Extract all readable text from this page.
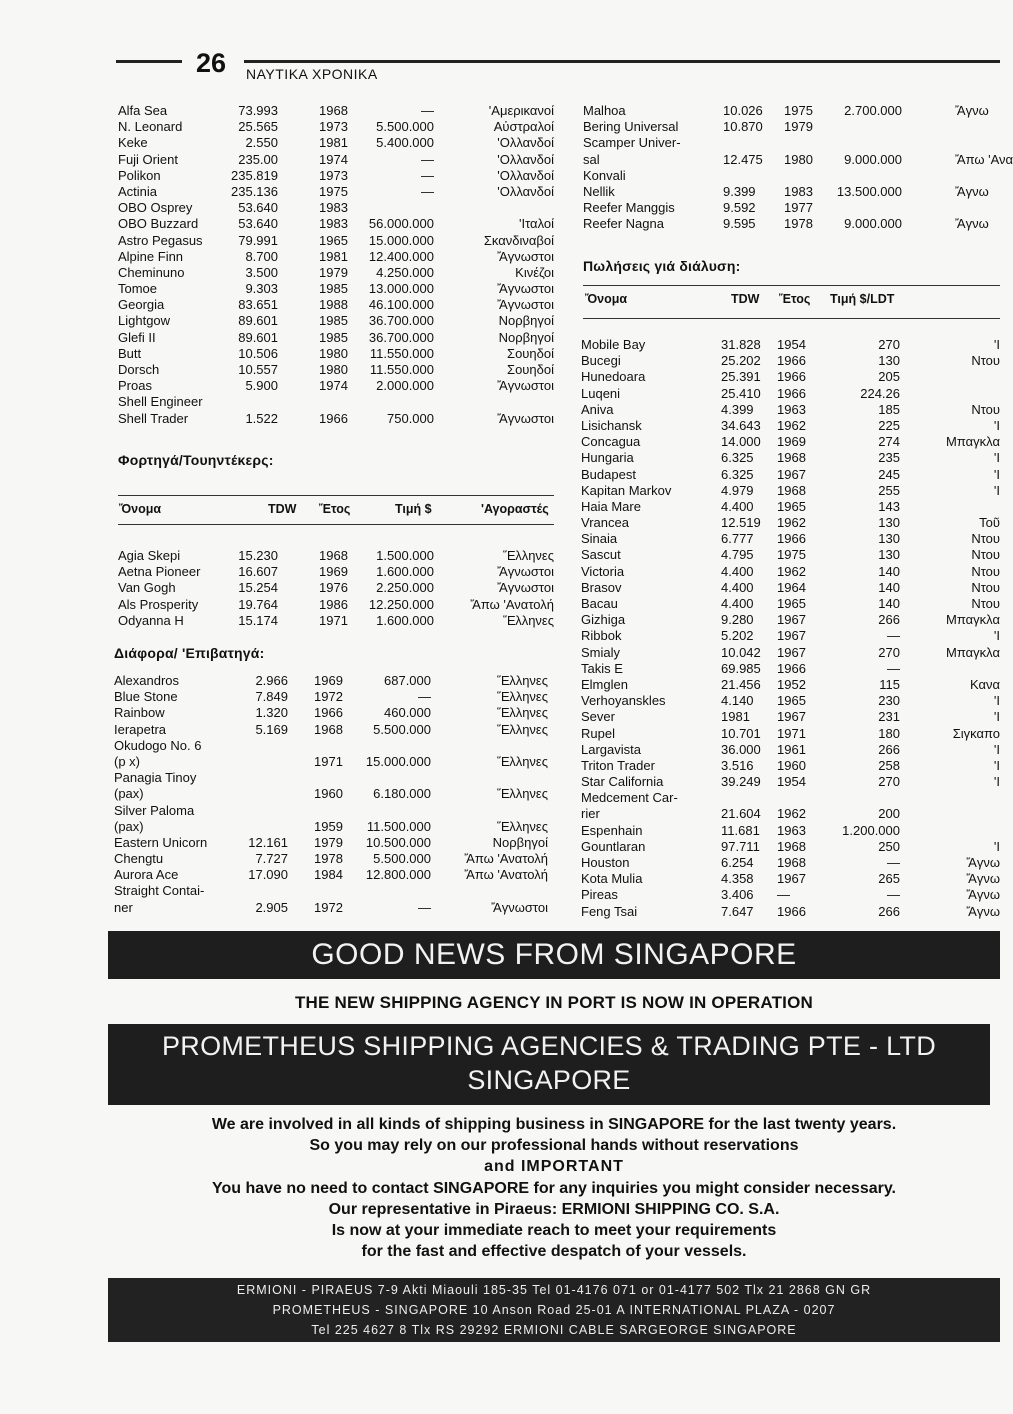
26 ΝΑΥΤΙΚΑ ΧΡΟΝΙΚΑ
Alfa Sea	73.993	1968	—	'Αμερικανοί
N. Leonard	25.565	1973 5.500.000	Αὐστραλοί
Keke	2.550	1981 5.400.000	'Ολλανδοί
Fuji Orient	235.00	1974	—	'Ολλανδοί
Polikon	235.819	1973	—	'Ολλανδοί
Actinia	235.136	1975	—	'Ολλανδοί
OBO Osprey	53.640	1983
OBO Buzzard	53.640	1983 56.000.000	'Ιταλοί
Astro Pegasus	79.991	1965 15.000.000	Σκανδιναβοί
Alpine Finn	8.700	1981 12.400.000	Ἄγνωστοι
Cheminuno	3.500	1979 4.250.000	Κινέζοι
Tomoe	9.303	1985 13.000.000	Ἄγνωστοι
Georgia	83.651	1988 46.100.000	Ἄγνωστοι
Lightgow	89.601	1985 36.700.000	Νορβηγοί
Glefi II	89.601	1985 36.700.000	Νορβηγοί
Butt	10.506	1980 11.550.000	Σουηδοί
Dorsch	10.557	1980 11.550.000	Σουηδοί
Proas	5.900	1974 2.000.000	Ἄγνωστοι
Shell Engineer
Shell Trader	1.522	1966	750.000	Ἄγνωστοι
Φορτηγά/Τουηντέκερς:
Ὄνομα	TDW Ἔτος	Τιμή $	'Αγοραστές
Agia Skepi	15.230	1968 1.500.000	Ἕλληνες
Aetna Pioneer	16.607	1969 1.600.000	Ἄγνωστοι
Van Gogh	15.254	1976 2.250.000	Ἄγνωστοι
Als Prosperity	19.764	1986 12.250.000	Ἄπω 'Ανατολή
Odyanna H	15.174	1971 1.600.000	Ἕλληνες
Διάφορα/ 'Επιβατηγά:
Alexandros	2.966 1969	687.000	Ἕλληνες
Blue Stone	7.849 1972	—	Ἕλληνες
Rainbow	1.320 1966	460.000	Ἕλληνες
Ierapetra	5.169 1968 5.500.000	Ἕλληνες
Okudogo No. 6
(p x)	1971 15.000.000	Ἕλληνες
Panagia Tinoy
(pax)	1960 6.180.000	Ἕλληνες
Silver Paloma
(pax)	1959 11.500.000	Ἕλληνες
Eastern Unicorn	12.161 1979 10.500.000	Νορβηγοί
Chengtu	7.727 1978 5.500.000	Ἄπω 'Ανατολή
Aurora Ace	17.090 1984 12.800.000	Ἄπω 'Ανατολή
Straight Contai-
ner	2.905 1972	—	Ἄγνωστοι
Malhoa	10.026 1975 2.700.000	Ἄγνω
Bering Universal	10.870 1979
Scamper Univer-
sal	12.475 1980 9.000.000	Ἄπω 'Ανα
Konvali
Nellik	9.399 1983 13.500.000	Ἄγνω
Reefer Manggis	9.592 1977
Reefer Nagna	9.595 1978 9.000.000	Ἄγνω
Πωλήσεις γιά διάλυση:
Ὄνομα	TDW Ἔτος Τιμή $/LDT
Mobile Bay	31.828 1954	270	'I
Bucegi	25.202 1966	130	Ντου
Hunedoara	25.391 1966	205
Luqeni	25.410 1966	224.26
Aniva	4.399 1963	185	Ντου
Lisichansk	34.643 1962	225	'I
Concagua	14.000 1969	274	Μπαγκλα
Hungaria	6.325 1968	235	'I
Budapest	6.325 1967	245	'I
Kapitan Markov	4.979 1968	255	'I
Haia Mare	4.400 1965	143
Vrancea	12.519 1962	130	Τοῦ
Sinaia	6.777 1966	130	Ντου
Sascut	4.795 1975	130	Ντου
Victoria	4.400 1962	140	Ντου
Brasov	4.400 1964	140	Ντου
Bacau	4.400 1965	140	Ντου
Gizhiga	9.280 1967	266	Μπαγκλα
Ribbok	5.202 1967	—	'I
Smialy	10.042 1967	270	Μπαγκλα
Takis E	69.985 1966	—
Elmglen	21.456 1952	115	Κανα
Verhoyanskles	4.140 1965	230	'I
Sever	1981 1967	231	'I
Rupel	10.701 1971	180	Σιγκαπο
Largavista	36.000 1961	266	'I
Triton Trader	3.516 1960	258	'I
Star California	39.249 1954	270	'I
Medcement Car-
rier	21.604 1962	200
Espenhain	11.681 1963	1.200.000
Gountlaran	97.711 1968	250	'I
Houston	6.254 1968	—	Ἄγνω
Kota Mulia	4.358 1967	265	Ἄγνω
Pireas	3.406 —	—	Ἄγνω
Feng Tsai	7.647 1966	266	Ἄγνω
GOOD NEWS FROM SINGAPORE
THE NEW SHIPPING AGENCY IN PORT IS NOW IN OPERATION
PROMETHEUS SHIPPING AGENCIES & TRADING PTE - LTD
SINGAPORE
We are involved in all kinds of shipping business in SINGAPORE for the last twenty years.
So you may rely on our professional hands without reservations
and IMPORTANT
You have no need to contact SINGAPORE for any inquiries you might consider necessary.
Our representative in Piraeus: ERMIONI SHIPPING CO. S.A.
Is now at your immediate reach to meet your requirements
for the fast and effective despatch of your vessels.
ERMIONI - PIRAEUS 7-9 Akti Miaouli 185-35 Tel 01-4176 071 or 01-4177 502 Tlx 21 2868 GN GR
PROMETHEUS - SINGAPORE 10 Anson Road 25-01 A INTERNATIONAL PLAZA - 0207
Tel 225 4627 8 Tlx RS 29292 ERMIONI CABLE SARGEORGE SINGAPORE
